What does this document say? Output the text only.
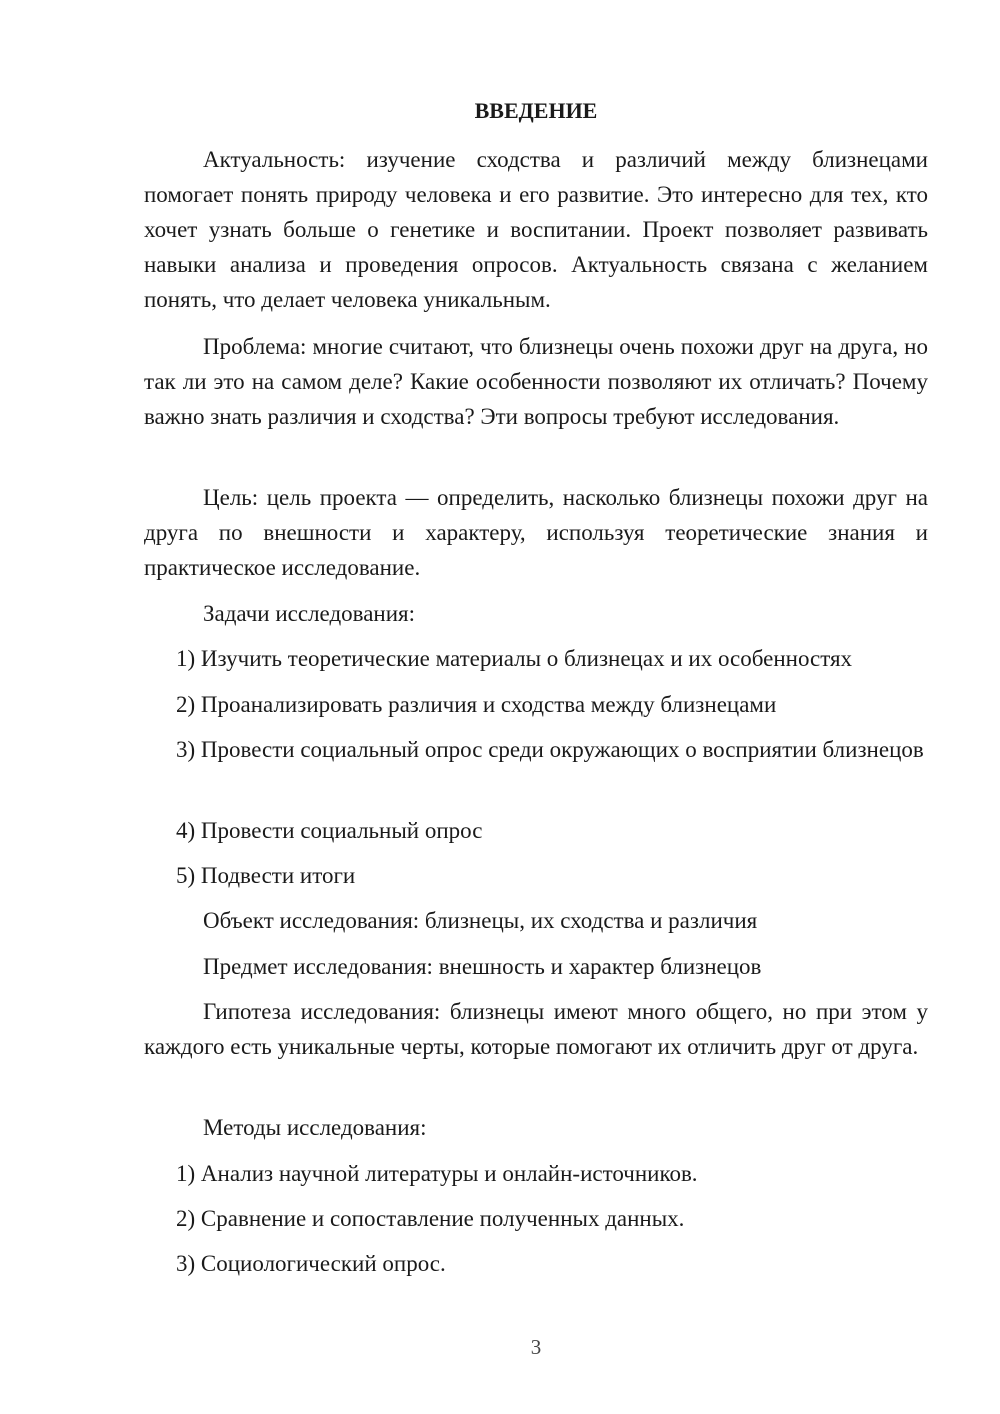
ВВЕДЕНИЕ

Актуальность: изучение сходства и различий между близнецами помогает понять природу человека и его развитие. Это интересно для тех, кто хочет узнать больше о генетике и воспитании. Проект позволяет развивать навыки анализа и проведения опросов. Актуальность связана с желанием понять, что делает человека уникальным.

Проблема: многие считают, что близнецы очень похожи друг на друга, но так ли это на самом деле? Какие особенности позволяют их отличать? Почему важно знать различия и сходства? Эти вопросы требуют исследования.

Цель: цель проекта — определить, насколько близнецы похожи друг на друга по внешности и характеру, используя теоретические знания и практическое исследование.

Задачи исследования:

1) Изучить теоретические материалы о близнецах и их особенностях

2) Проанализировать различия и сходства между близнецами

3) Провести социальный опрос среди окружающих о восприятии близнецов

4) Провести социальный опрос

5) Подвести итоги

Объект исследования: близнецы, их сходства и различия

Предмет исследования: внешность и характер близнецов

Гипотеза исследования: близнецы имеют много общего, но при этом у каждого есть уникальные черты, которые помогают их отличить друг от друга.

Методы исследования:

1) Анализ научной литературы и онлайн-источников.

2) Сравнение и сопоставление полученных данных.

3) Социологический опрос.

3
